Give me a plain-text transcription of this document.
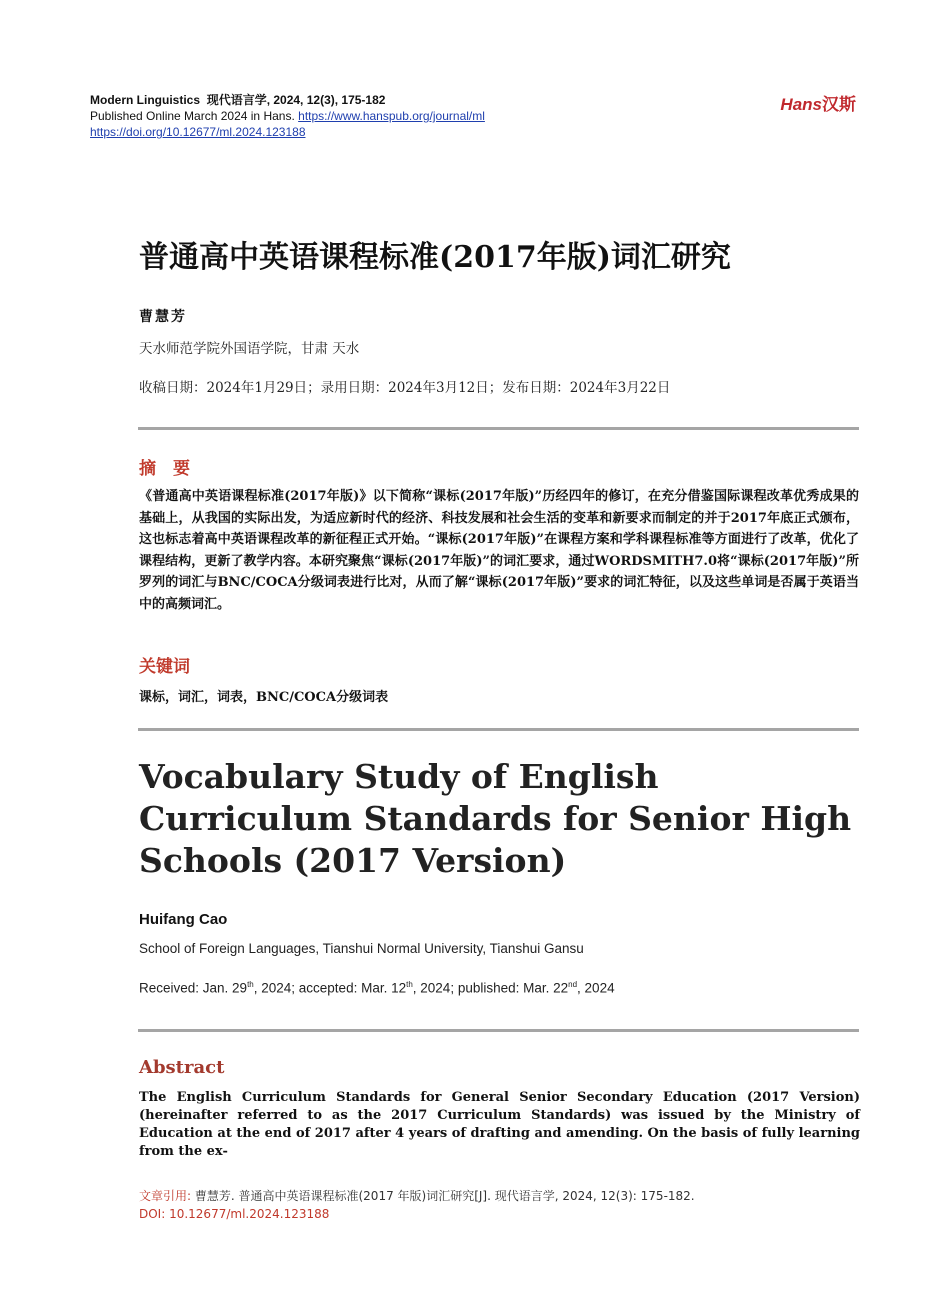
Modern Linguistics 现代语言学, 2024, 12(3), 175-182
Published Online March 2024 in Hans. https://www.hanspub.org/journal/ml
https://doi.org/10.12677/ml.2024.123188
Hans汉斯
普通高中英语课程标准(2017年版)词汇研究
曹慧芳
天水师范学院外国语学院，甘肃 天水
收稿日期：2024年1月29日；录用日期：2024年3月12日；发布日期：2024年3月22日
摘　要
《普通高中英语课程标准(2017年版)》以下简称“课标(2017年版)”历经四年的修订，在充分借鉴国际课程改革优秀成果的基础上，从我国的实际出发，为适应新时代的经济、科技发展和社会生活的变革和新要求而制定的并于2017年底正式颁布，这也标志着高中英语课程改革的新征程正式开始。“课标(2017年版)”在课程方案和学科课程标准等方面进行了改革，优化了课程结构，更新了教学内容。本研究聚焦“课标(2017年版)”的词汇要求，通过WORDSMITH7.0将“课标(2017年版)”所罗列的词汇与BNC/COCA分级词表进行比对，从而了解“课标(2017年版)”要求的词汇特征，以及这些单词是否属于英语当中的高频词汇。
关键词
课标，词汇，词表，BNC/COCA分级词表
Vocabulary Study of English Curriculum Standards for Senior High Schools (2017 Version)
Huifang Cao
School of Foreign Languages, Tianshui Normal University, Tianshui Gansu
Received: Jan. 29th, 2024; accepted: Mar. 12th, 2024; published: Mar. 22nd, 2024
Abstract
The English Curriculum Standards for General Senior Secondary Education (2017 Version) (hereinafter referred to as the 2017 Curriculum Standards) was issued by the Ministry of Education at the end of 2017 after 4 years of drafting and amending. On the basis of fully learning from the ex-
文章引用: 曹慧芳. 普通高中英语课程标准(2017 年版)词汇研究[J]. 现代语言学, 2024, 12(3): 175-182.
DOI: 10.12677/ml.2024.123188
